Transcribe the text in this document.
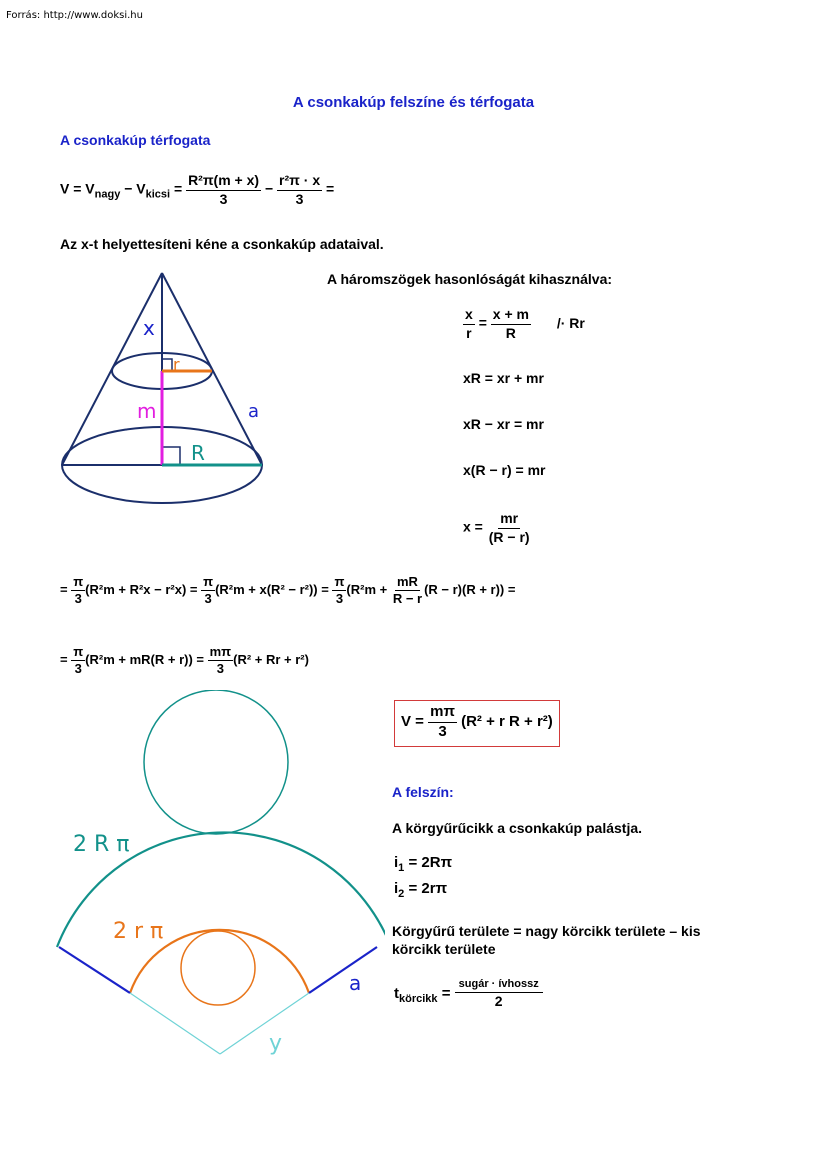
Forrás: http://www.doksi.hu
A csonkakúp felszíne és térfogata
A csonkakúp térfogata
$V = V_{nagy} - V_{kicsi} = \frac{\text{R²π(m + x)}}{3} - \frac{\text{r²π · x}}{3}$ =
Az x-t helyettesíteni kéne a csonkakúp adataival.
x
r
m	a
R
A háromszögek hasonlóságát kihasználva:
$\frac{x}{r} = \frac{x + m}{R} /\cdot Rr$
xR = xr + mr
xR − xr = mr
x(R − r) = mr
$x = \frac{mr}{(R - r)}$
= $\frac{\pi}{3} (R^2m + R^2x - r^2x) = \frac{\pi}{3} (R^2m + x(R^2 - r^2)) = \frac{\pi}{3} (R^2m + \frac{mR}{R - r} (R - r)(R + r))$ =
= $\frac{\pi}{3} (R^2m + mR(R + r)) = \frac{m\pi}{3} (R^2 + Rr + r^2)$
$V = \frac{m\pi}{3} (R^2 + r$ R + r²)
2 R π
2 r π
a
y
A felszín:
A körgyűrűcikk a csonkakúp palástja.
$i_1 = 2R\pi$
$i_2 = 2r\pi$
Körgyűrű területe = nagy körcikk területe – kis körcikk területe
$t_{körcikk} = \frac{\text{sugár · ívhossz}}{2}$
